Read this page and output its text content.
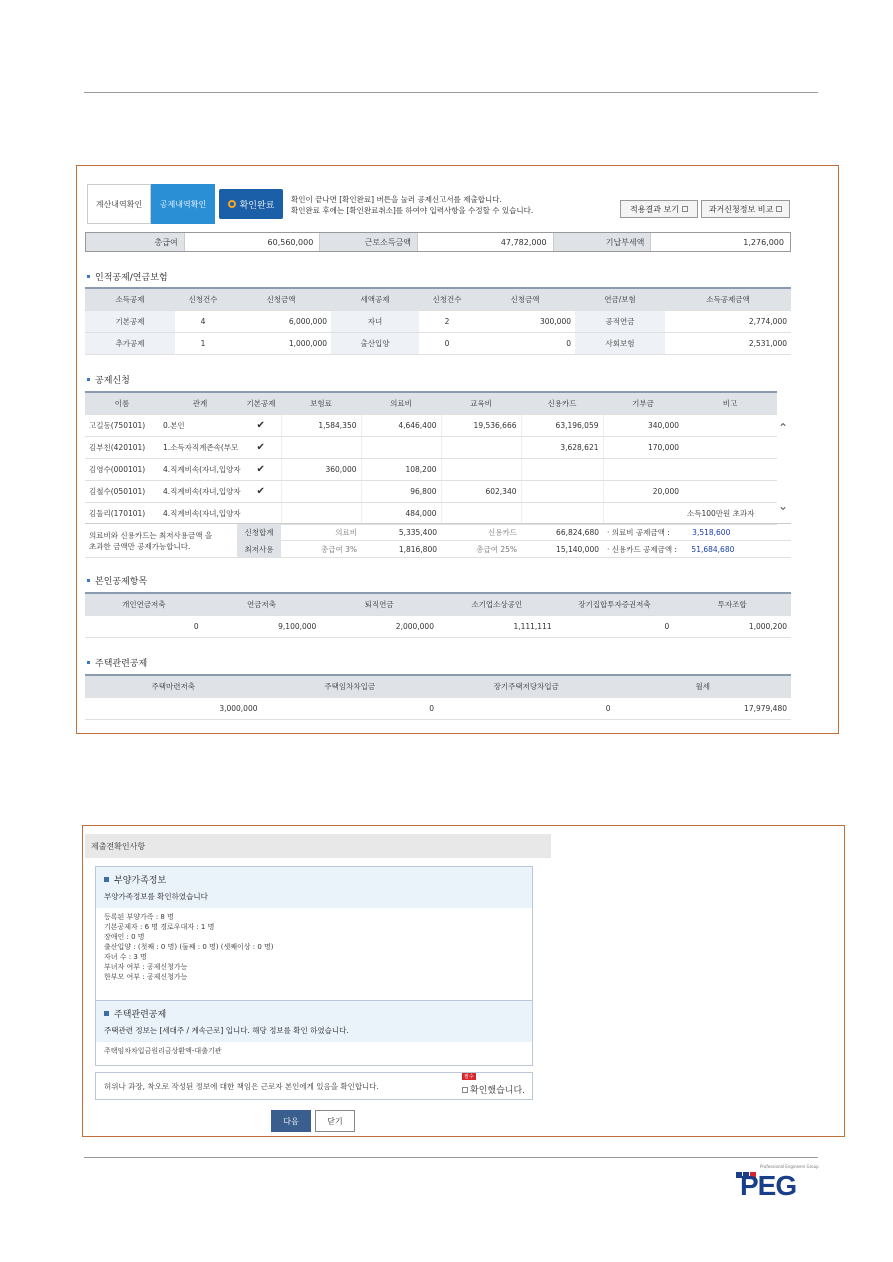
계산내역확인	공제내역확인	확인완료
확인이 끝나면 [확인완료] 버튼을 눌러 공제신고서를 제출합니다.
확인완료 후에는 [확인완료취소]를 하여야 입력사항을 수정할 수 있습니다.	적용결과 보기	과거신청정보 비교
총급여	60,560,000	근로소득금액	47,782,000	기납부세액	1,276,000
인적공제/연금보험
소득공제	신청건수	신청금액	세액공제	신청건수	신청금액	연금/보험	소득공제금액
기본공제	4	6,000,000	자녀	2	300,000	공적연금	2,774,000
추가공제	1	1,000,000	출산입양	0	0	사회보험	2,531,000
공제신청
이름	관계	기본공제	보험료	의료비	교육비	신용카드	기부금	비고
고길동(750101)	0.본인	✔	1,584,350	4,646,400	19,536,666	63,196,059	340,000	
김부친(420101)	1.소득자직계존속(부모	✔				3,628,621	170,000	
김영수(000101)	4.직계비속(자녀,입양자	✔	360,000	108,200				
김철수(050101)	4.직계비속(자녀,입양자	✔		96,800	602,340		20,000	
김둘리(170101)	4.직계비속(자녀,입양자			484,000				소득100만원 초과자
⌃
⌃
의료비와 신용카드는 최저사용금액 을
초과한 금액만 공제가능합니다.	신청합계	의료비	5,335,400	신용카드	66,824,680	· 의료비 공제금액 : 3,518,600
	최저사용	총급여 3%	1,816,800	총급여 25%	15,140,000	· 신용카드 공제금액 : 51,684,680
본인공제항목
개인연금저축	연금저축	퇴직연금	소기업소상공인	장기집합투자증권저축	투자조합
0	9,100,000	2,000,000	1,111,111	0	1,000,200
주택관련공제
주택마련저축	주택임차차입금	장기주택저당차입금	월세
3,000,000	0	0	17,979,480
제출전확인사항
부양가족정보
부양가족정보를 확인하였습니다
등록된 부양가족 : 8 명
기본공제자 : 6 명 경로우대자 : 1 명
장애인 : 0 명
출산입양 : (첫째 : 0 명) (둘째 : 0 명) (셋째이상 : 0 명)
자녀 수 : 3 명
부녀자 여부 : 공제신청가능
한부모 여부 : 공제신청가능
주택관련공제
주택관련 정보는 [세대주 / 계속근로] 입니다. 해당 정보를 확인 하였습니다.
주택임차차입금원리금상환액-대출기관
허위나 과장, 착오로 작성된 정보에 대한 책임은 근로자 본인에게 있음을 확인합니다.
필수
확인했습니다.
다음	닫기
Professional Engineers Group
PEG
